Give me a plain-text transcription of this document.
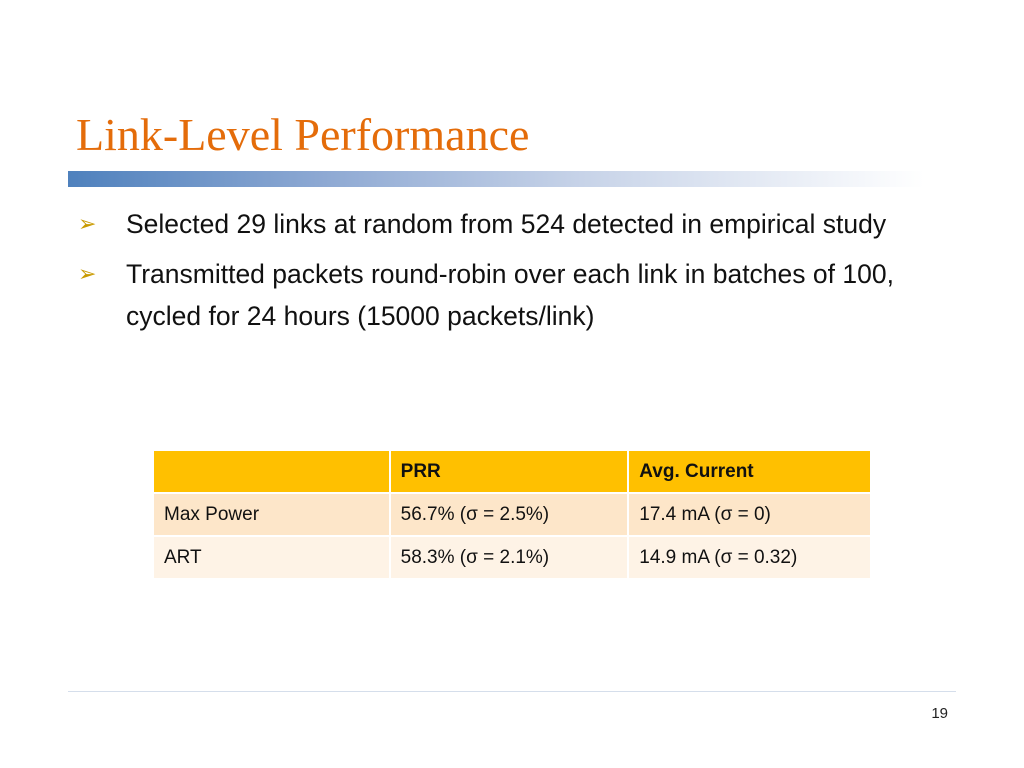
Link-Level Performance
➢ Selected 29 links at random from 524 detected in empirical study
➢ Transmitted packets round-robin over each link in batches of 100, cycled for 24 hours (15000 packets/link)
	PRR	Avg. Current
Max Power	56.7% (σ = 2.5%)	17.4 mA (σ = 0)
ART	58.3% (σ = 2.1%)	14.9 mA (σ = 0.32)
19
